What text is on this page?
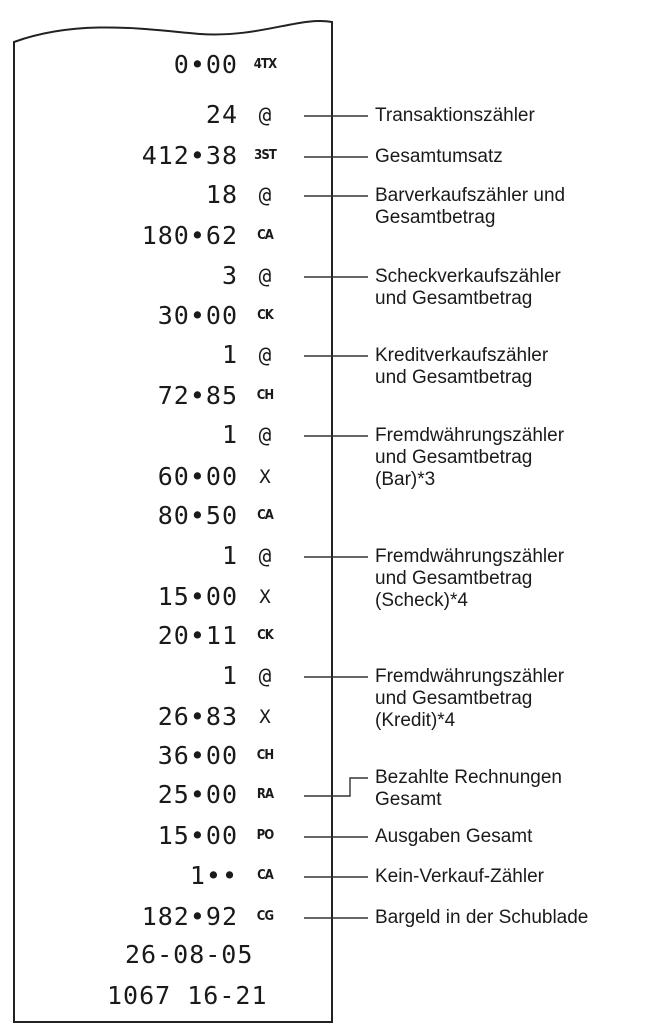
0•00 4TX
24 @
412•38 3ST
18 @
180•62 CA
3 @
30•00 CK
1 @
72•85 CH
1 @
60•00	X
80•50 CA
1 @
15•00	X
20•11 CK
1 @
26•83	X
36•00 CH
25•00 RA
15•00 PO
1•• CA
182•92 CG
26-08-05
1067 16-21
Transaktionszähler
Gesamtumsatz
Barverkaufszähler und
Gesamtbetrag
Scheckverkaufszähler
und Gesamtbetrag
Kreditverkaufszähler
und Gesamtbetrag
Fremdwährungszähler
und Gesamtbetrag
(Bar)*3
Fremdwährungszähler
und Gesamtbetrag
(Scheck)*4
Fremdwährungszähler
und Gesamtbetrag
(Kredit)*4
Bezahlte Rechnungen
Gesamt
Ausgaben Gesamt
Kein-Verkauf-Zähler
Bargeld in der Schublade
